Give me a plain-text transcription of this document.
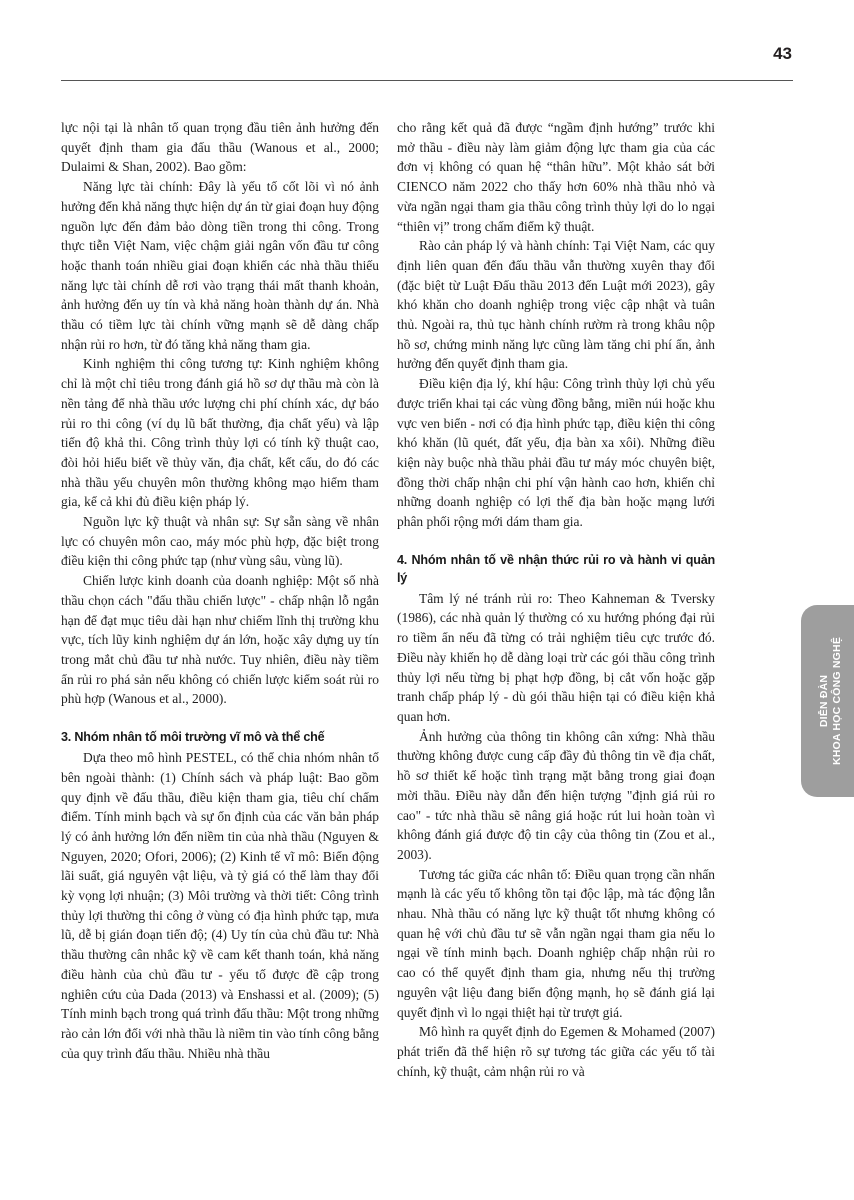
43

lực nội tại là nhân tố quan trọng đầu tiên ảnh hưởng đến quyết định tham gia đấu thầu (Wanous et al., 2000; Dulaimi & Shan, 2002). Bao gồm:

Năng lực tài chính: Đây là yếu tố cốt lõi vì nó ảnh hưởng đến khả năng thực hiện dự án từ giai đoạn huy động nguồn lực đến đảm bảo dòng tiền trong thi công. Trong thực tiễn Việt Nam, việc chậm giải ngân vốn đầu tư công hoặc thanh toán nhiều giai đoạn khiến các nhà thầu thiếu năng lực tài chính dễ rơi vào trạng thái mất thanh khoản, ảnh hưởng đến uy tín và khả năng hoàn thành dự án. Nhà thầu có tiềm lực tài chính vững mạnh sẽ dễ dàng chấp nhận rủi ro hơn, từ đó tăng khả năng tham gia.

Kinh nghiệm thi công tương tự: Kinh nghiệm không chỉ là một chỉ tiêu trong đánh giá hồ sơ dự thầu mà còn là nền tảng để nhà thầu ước lượng chi phí chính xác, dự báo rủi ro thi công (ví dụ lũ bất thường, địa chất yếu) và lập tiến độ khả thi. Công trình thủy lợi có tính kỹ thuật cao, đòi hỏi hiểu biết về thủy văn, địa chất, kết cấu, do đó các nhà thầu yếu chuyên môn thường không mạo hiểm tham gia, kể cả khi đủ điều kiện pháp lý.

Nguồn lực kỹ thuật và nhân sự: Sự sẵn sàng về nhân lực có chuyên môn cao, máy móc phù hợp, đặc biệt trong điều kiện thi công phức tạp (như vùng sâu, vùng lũ).

Chiến lược kinh doanh của doanh nghiệp: Một số nhà thầu chọn cách "đấu thầu chiến lược" - chấp nhận lỗ ngắn hạn để đạt mục tiêu dài hạn như chiếm lĩnh thị trường khu vực, tích lũy kinh nghiệm dự án lớn, hoặc xây dựng uy tín trong mắt chủ đầu tư nhà nước. Tuy nhiên, điều này tiềm ẩn rủi ro phá sản nếu không có chiến lược kiểm soát rủi ro phù hợp (Wanous et al., 2000).

3. Nhóm nhân tố môi trường vĩ mô và thể chế

Dựa theo mô hình PESTEL, có thể chia nhóm nhân tố bên ngoài thành: (1) Chính sách và pháp luật: Bao gồm quy định về đấu thầu, điều kiện tham gia, tiêu chí chấm điểm. Tính minh bạch và sự ổn định của các văn bản pháp lý có ảnh hưởng lớn đến niềm tin của nhà thầu (Nguyen & Nguyen, 2020; Ofori, 2006); (2) Kinh tế vĩ mô: Biến động lãi suất, giá nguyên vật liệu, và tỷ giá có thể làm thay đổi kỳ vọng lợi nhuận; (3) Môi trường và thời tiết: Công trình thủy lợi thường thi công ở vùng có địa hình phức tạp, mưa lũ, dễ bị gián đoạn tiến độ; (4) Uy tín của chủ đầu tư: Nhà thầu thường cân nhắc kỹ về cam kết thanh toán, khả năng điều hành của chủ đầu tư - yếu tố được đề cập trong nghiên cứu của Dada (2013) và Enshassi et al. (2009); (5) Tính minh bạch trong quá trình đấu thầu: Một trong những rào cản lớn đối với nhà thầu là niềm tin vào tính công bằng của quy trình đấu thầu. Nhiều nhà thầu

cho rằng kết quả đã được “ngầm định hướng” trước khi mở thầu - điều này làm giảm động lực tham gia của các đơn vị không có quan hệ “thân hữu”. Một khảo sát bởi CIENCO năm 2022 cho thấy hơn 60% nhà thầu nhỏ và vừa ngần ngại tham gia thầu công trình thủy lợi do lo ngại “thiên vị” trong chấm điểm kỹ thuật.

Rào cản pháp lý và hành chính: Tại Việt Nam, các quy định liên quan đến đấu thầu vẫn thường xuyên thay đổi (đặc biệt từ Luật Đấu thầu 2013 đến Luật mới 2023), gây khó khăn cho doanh nghiệp trong việc cập nhật và tuân thủ. Ngoài ra, thủ tục hành chính rườm rà trong khâu nộp hồ sơ, chứng minh năng lực cũng làm tăng chi phí ẩn, ảnh hưởng đến quyết định tham gia.

Điều kiện địa lý, khí hậu: Công trình thủy lợi chủ yếu được triển khai tại các vùng đồng bằng, miền núi hoặc khu vực ven biển - nơi có địa hình phức tạp, điều kiện thi công khó khăn (lũ quét, đất yếu, địa bàn xa xôi). Những điều kiện này buộc nhà thầu phải đầu tư máy móc chuyên biệt, đồng thời chấp nhận chi phí vận hành cao hơn, khiến chỉ những doanh nghiệp có lợi thế địa bàn hoặc mạng lưới phân phối rộng mới dám tham gia.

4. Nhóm nhân tố về nhận thức rủi ro và hành vi quản lý

Tâm lý né tránh rủi ro: Theo Kahneman & Tversky (1986), các nhà quản lý thường có xu hướng phóng đại rủi ro tiềm ẩn nếu đã từng có trải nghiệm tiêu cực trước đó. Điều này khiến họ dễ dàng loại trừ các gói thầu công trình thủy lợi nếu từng bị phạt hợp đồng, bị cắt vốn hoặc gặp tranh chấp pháp lý - dù gói thầu hiện tại có điều kiện khả quan hơn.

Ảnh hưởng của thông tin không cân xứng: Nhà thầu thường không được cung cấp đầy đủ thông tin về địa chất, hồ sơ thiết kế hoặc tình trạng mặt bằng trong giai đoạn mời thầu. Điều này dẫn đến hiện tượng "định giá rủi ro cao" - tức nhà thầu sẽ nâng giá hoặc rút lui hoàn toàn vì không đánh giá được độ tin cậy của thông tin (Zou et al., 2003).

Tương tác giữa các nhân tố: Điều quan trọng cần nhấn mạnh là các yếu tố không tồn tại độc lập, mà tác động lẫn nhau. Nhà thầu có năng lực kỹ thuật tốt nhưng không có quan hệ với chủ đầu tư sẽ vẫn ngần ngại tham gia nếu lo ngại về tính minh bạch. Doanh nghiệp chấp nhận rủi ro cao có thể quyết định tham gia, nhưng nếu thị trường nguyên vật liệu đang biến động mạnh, họ sẽ đánh giá lại quyết định vì lo ngại thiệt hại từ trượt giá.

Mô hình ra quyết định do Egemen & Mohamed (2007) phát triển đã thể hiện rõ sự tương tác giữa các yếu tố tài chính, kỹ thuật, cảm nhận rủi ro và

DIỄN ĐÀN KHOA HỌC CÔNG NGHỆ
